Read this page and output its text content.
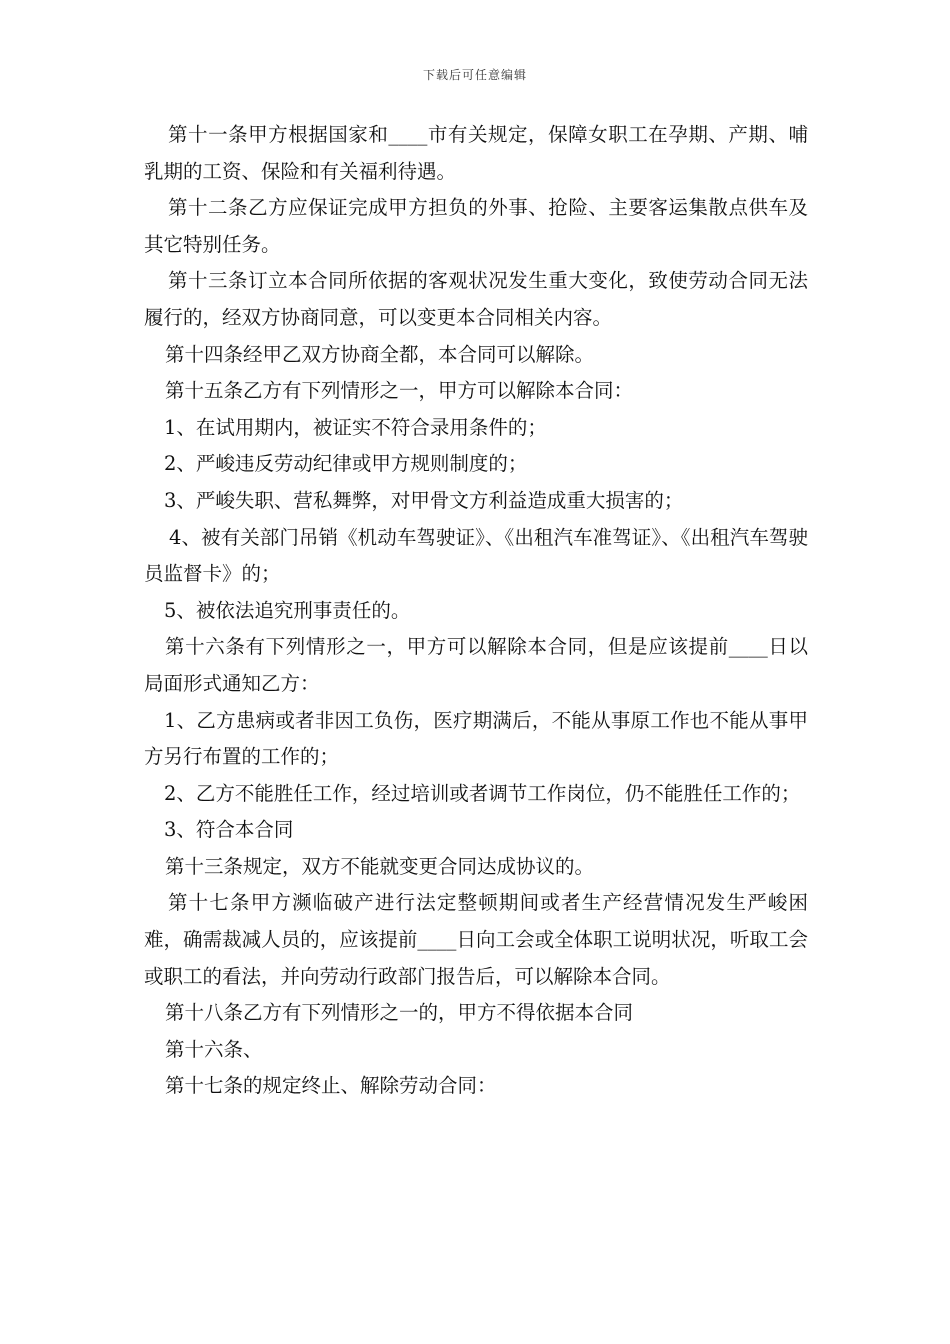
下载后可任意编辑

第十一条甲方根据国家和____市有关规定，保障女职工在孕期、产期、哺乳期的工资、保险和有关福利待遇。

第十二条乙方应保证完成甲方担负的外事、抢险、主要客运集散点供车及其它特别任务。

第十三条订立本合同所依据的客观状况发生重大变化，致使劳动合同无法履行的，经双方协商同意，可以变更本合同相关内容。

第十四条经甲乙双方协商全都，本合同可以解除。

第十五条乙方有下列情形之一，甲方可以解除本合同：

1、在试用期内，被证实不符合录用条件的；

2、严峻违反劳动纪律或甲方规则制度的；

3、严峻失职、营私舞弊，对甲骨文方利益造成重大损害的；

4、被有关部门吊销《机动车驾驶证》、《出租汽车准驾证》、《出租汽车驾驶员监督卡》的；

5、被依法追究刑事责任的。

第十六条有下列情形之一，甲方可以解除本合同，但是应该提前____日以局面形式通知乙方：

1、乙方患病或者非因工负伤，医疗期满后，不能从事原工作也不能从事甲方另行布置的工作的；

2、乙方不能胜任工作，经过培训或者调节工作岗位，仍不能胜任工作的；

3、符合本合同

第十三条规定，双方不能就变更合同达成协议的。

第十七条甲方濒临破产进行法定整顿期间或者生产经营情况发生严峻困难，确需裁减人员的，应该提前____日向工会或全体职工说明状况，听取工会或职工的看法，并向劳动行政部门报告后，可以解除本合同。

第十八条乙方有下列情形之一的，甲方不得依据本合同

第十六条、

第十七条的规定终止、解除劳动合同：
